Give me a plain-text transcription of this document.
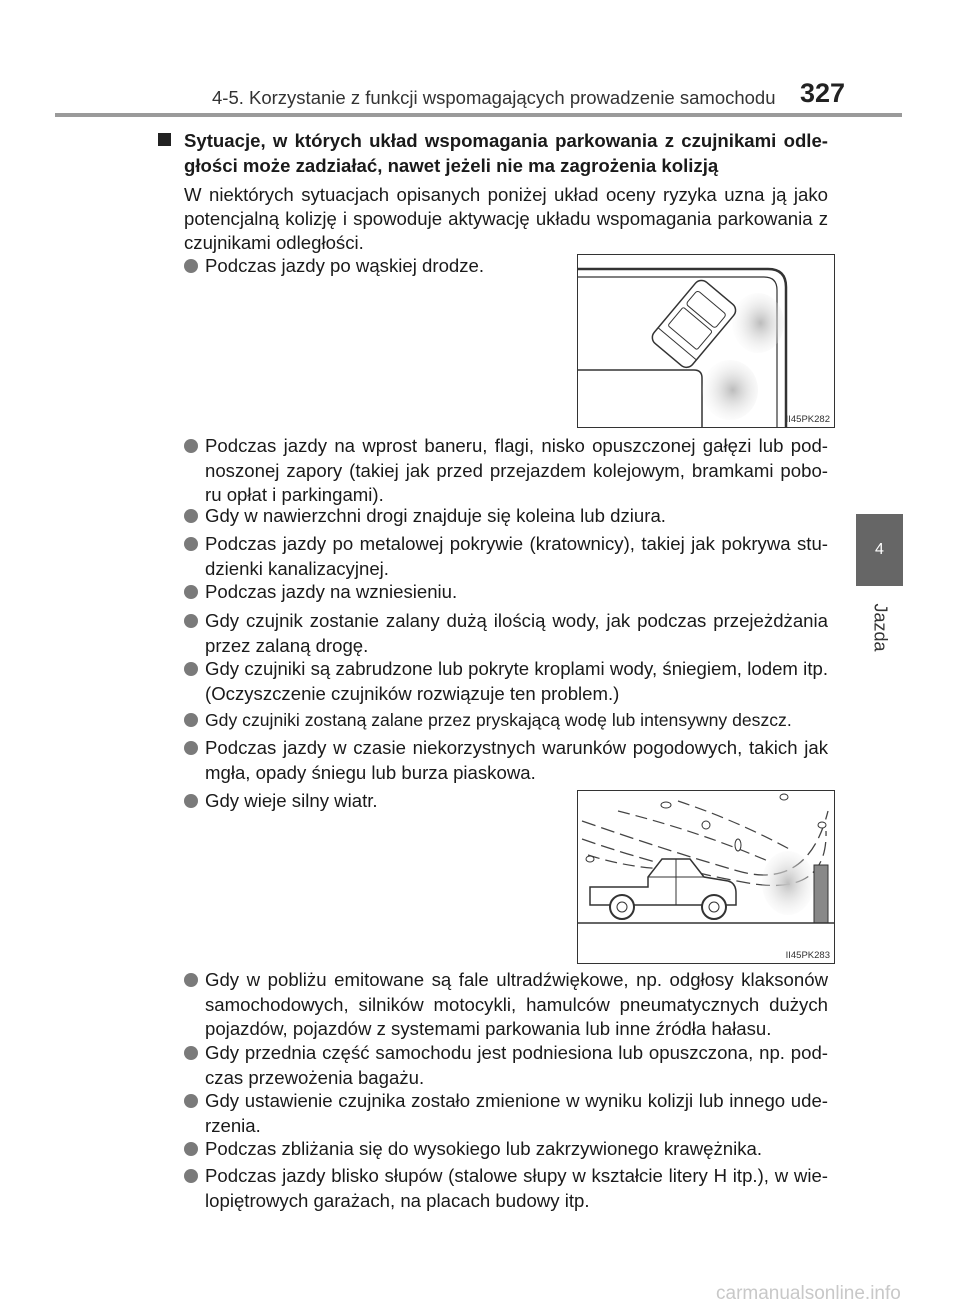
4-5. Korzystanie z funkcji wspomagających prowadzenie samochodu 327
4
Jazda

Sytuacje, w których układ wspomagania parkowania z czujnikami odle- głości może zadziałać, nawet jeżeli nie ma zagrożenia kolizją

W niektórych sytuacjach opisanych poniżej układ oceny ryzyka uzna ją jako potencjalną kolizję i spowoduje aktywację układu wspomagania parkowania z czujnikami odległości.

Podczas jazdy po wąskiej drodze.
Podczas jazdy na wprost baneru, flagi, nisko opuszczonej gałęzi lub pod- noszonej zapory (takiej jak przed przejazdem kolejowym, bramkami pobo- ru opłat i parkingami).
Gdy w nawierzchni drogi znajduje się koleina lub dziura.
Podczas jazdy po metalowej pokrywie (kratownicy), takiej jak pokrywa stu- dzienki kanalizacyjnej.
Podczas jazdy na wzniesieniu.
Gdy czujnik zostanie zalany dużą ilością wody, jak podczas przejeżdżania przez zalaną drogę.
Gdy czujniki są zabrudzone lub pokryte kroplami wody, śniegiem, lodem itp. (Oczyszczenie czujników rozwiązuje ten problem.)
Gdy czujniki zostaną zalane przez pryskającą wodę lub intensywny deszcz.
Podczas jazdy w czasie niekorzystnych warunków pogodowych, takich jak mgła, opady śniegu lub burza piaskowa.
Gdy wieje silny wiatr.
Gdy w pobliżu emitowane są fale ultradźwiękowe, np. odgłosy klaksonów samochodowych, silników motocykli, hamulców pneumatycznych dużych pojazdów, pojazdów z systemami parkowania lub inne źródła hałasu.
Gdy przednia część samochodu jest podniesiona lub opuszczona, np. pod- czas przewożenia bagażu.
Gdy ustawienie czujnika zostało zmienione w wyniku kolizji lub innego ude- rzenia.
Podczas zbliżania się do wysokiego lub zakrzywionego krawężnika.
Podczas jazdy blisko słupów (stalowe słupy w kształcie litery H itp.), w wie- lopiętrowych garażach, na placach budowy itp.
II45PK282
II45PK283
carmanualsonline.info
